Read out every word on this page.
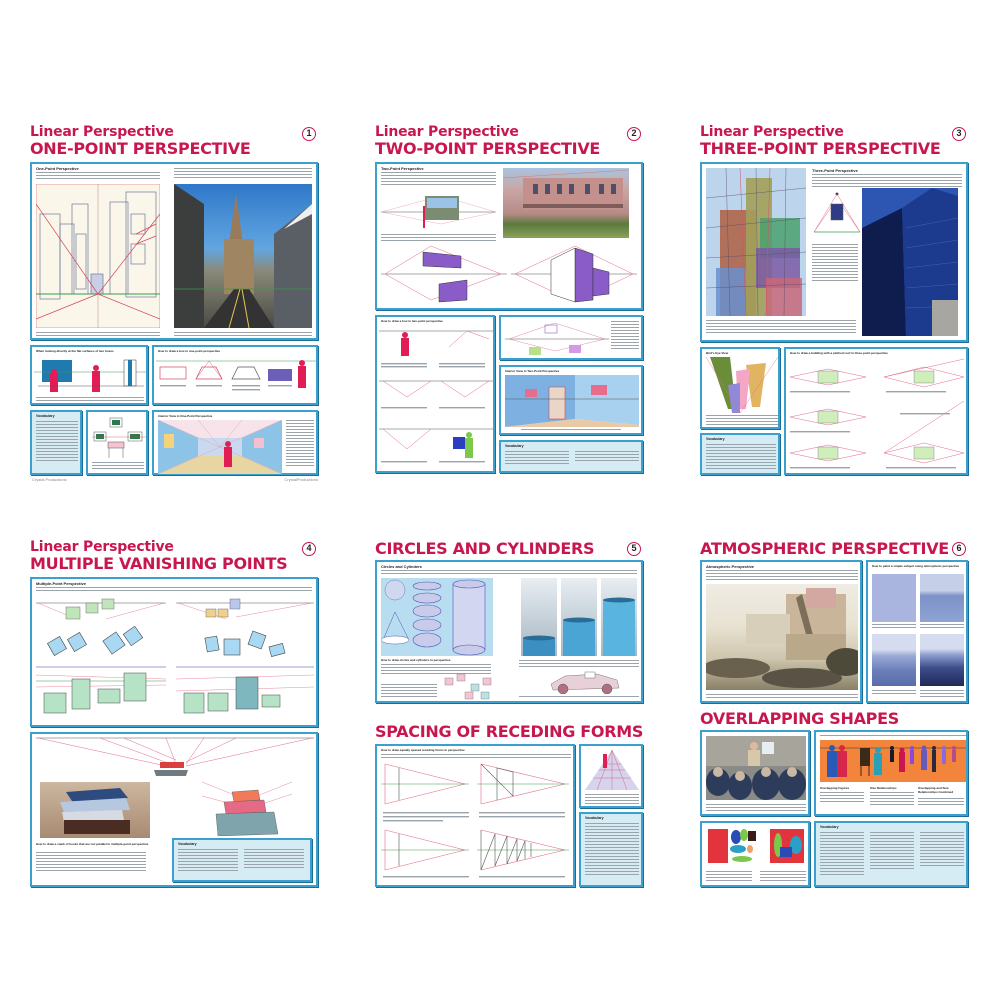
Linear Perspective
ONE-POINT PERSPECTIVE
1
One-Point Perspective
When looking directly at the flat surfaces of two boxes	How to draw a box in one-point perspective
Vocabulary	Interior View in One-Point Perspective
Crystal Productions	CrystalProductions
Linear Perspective
TWO-POINT PERSPECTIVE
2
Two-Point Perspective
How to draw a box in two-point perspective
Interior View in Two-Point Perspective
Vocabulary
Linear Perspective
THREE-POINT PERSPECTIVE
3
Three-Point Perspective
Bird's Eye View
Vocabulary
How to draw a building with a pitched roof in three-point perspective
Linear Perspective
MULTIPLE VANISHING POINTS
4
Multiple-Point Perspective
How to draw a stack of books that are not parallel in multiple-point perspective	Vocabulary
CIRCLES AND CYLINDERS	5
Circles and Cylinders
How to draw circles and cylinders in perspective
SPACING OF RECEDING FORMS
How to draw equally spaced receding forms in perspective
Vocabulary
ATMOSPHERIC PERSPECTIVE 6
Atmospheric Perspective	How to paint a simple subject using atmospheric perspective
OVERLAPPING SHAPES
Overlapping Figures	Size Relationships	Overlapping and Size Relationships Combined
Vocabulary
